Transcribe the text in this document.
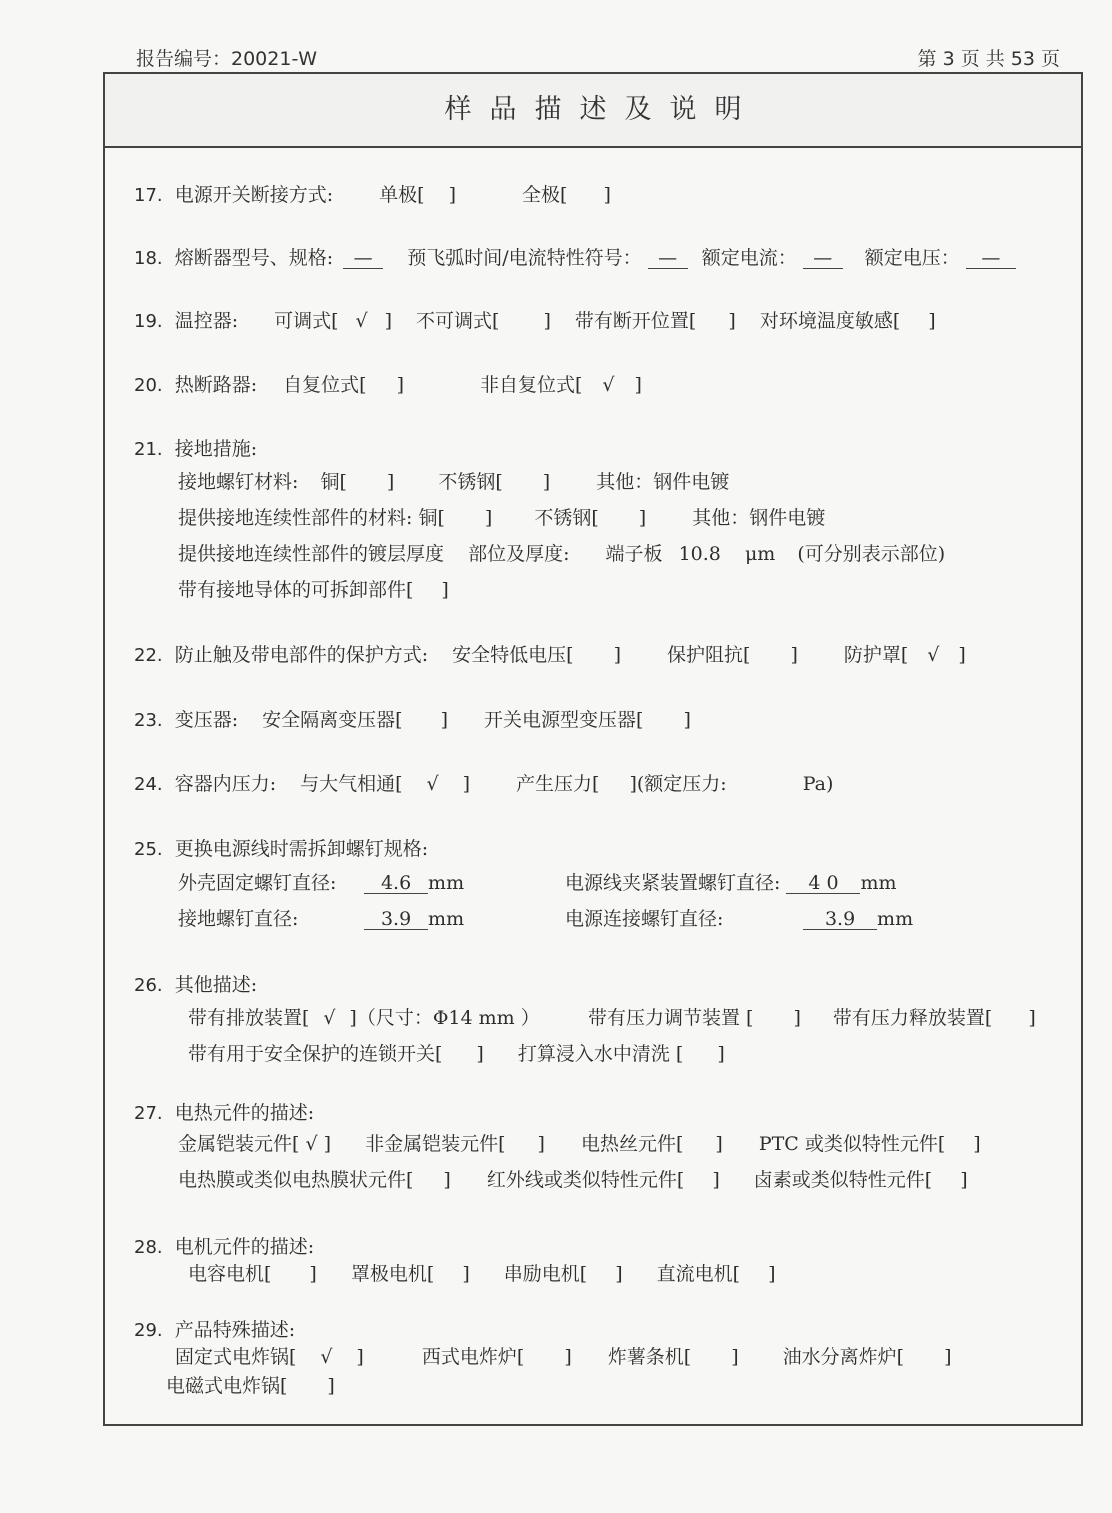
报告编号：20021-W	第 3 页 共 53 页
样品描述及说明
17. 电源开关断接方式: 单极[ ]	全极[ ]
18. 熔断器型号、规格: — 预飞弧时间/电流特性符号： — 额定电流： — 额定电压： —
19. 温控器: 可调式[ √ ] 不可调式[ ] 带有断开位置[ ] 对环境温度敏感[ ]
20. 热断路器: 自复位式[ ]	非自复位式[ √ ]
21. 接地措施:
接地螺钉材料: 铜[ ] 不锈钢[ ] 其他：钢件电镀
提供接地连续性部件的材料: 铜[ ] 不锈钢[ ] 其他：钢件电镀
提供接地连续性部件的镀层厚度 部位及厚度: 端子板 10.8 μm (可分别表示部位)
带有接地导体的可拆卸部件[ ]
22. 防止触及带电部件的保护方式: 安全特低电压[ ] 保护阻抗[ ] 防护罩[ √ ]
23. 变压器: 安全隔离变压器[ ] 开关电源型变压器[ ]
24. 容器内压力: 与大气相通[ √ ] 产生压力[ ](额定压力:	Pa)
25. 更换电源线时需拆卸螺钉规格:
外壳固定螺钉直径: 4.6 mm	电源线夹紧装置螺钉直径: 4 0 mm
接地螺钉直径:	3.9 mm	电源连接螺钉直径:	3.9 mm
26. 其他描述:
带有排放装置[ √ ]（尺寸：Φ14 mm ）	带有压力调节装置 [ ] 带有压力释放装置[ ]
带有用于安全保护的连锁开关[ ] 打算浸入水中清洗 [ ]
27. 电热元件的描述:
金属铠装元件[ √ ] 非金属铠装元件[ ] 电热丝元件[ ] PTC 或类似特性元件[ ]
电热膜或类似电热膜状元件[ ] 红外线或类似特性元件[ ] 卤素或类似特性元件[ ]
28. 电机元件的描述:
电容电机[ ] 罩极电机[ ] 串励电机[ ] 直流电机[ ]
29. 产品特殊描述:
固定式电炸锅[ √ ]	西式电炸炉[ ] 炸薯条机[ ] 油水分离炸炉[ ]
电磁式电炸锅[ ]
